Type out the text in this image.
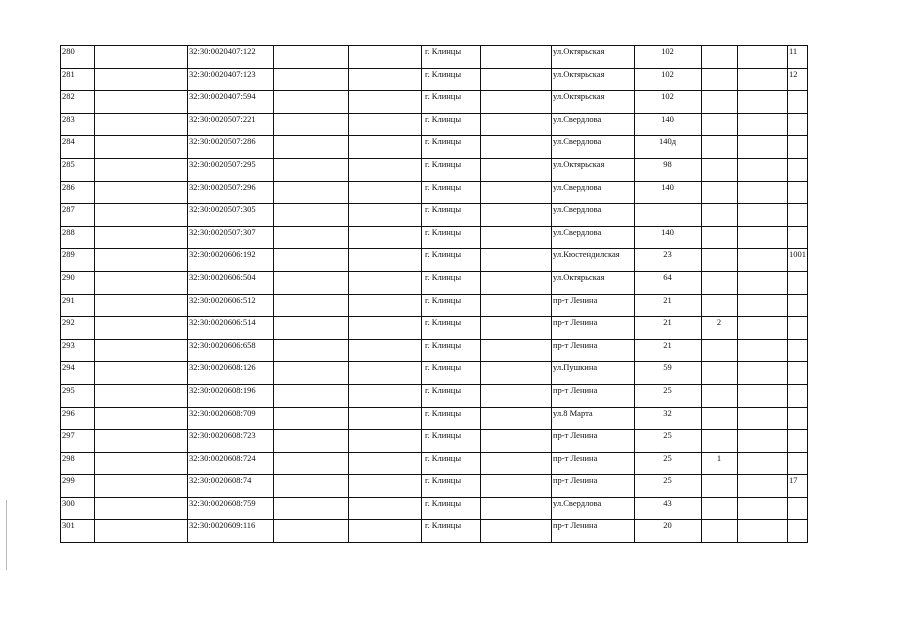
280		32:30:0020407:122			г. Клинцы		ул.Октярьская	102			11
281		32:30:0020407:123			г. Клинцы		ул.Октярьская	102			12
282		32:30:0020407:594			г. Клинцы		ул.Октярьская	102			
283		32:30:0020507:221			г. Клинцы		ул.Свердлова	140			
284		32:30:0020507:286			г. Клинцы		ул.Свердлова	140д			
285		32:30:0020507:295			г. Клинцы		ул.Октярьская	98			
286		32:30:0020507:296			г. Клинцы		ул.Свердлова	140			
287		32:30:0020507:305			г. Клинцы		ул.Свердлова				
288		32:30:0020507:307			г. Клинцы		ул.Свердлова	140			
289		32:30:0020606:192			г. Клинцы		ул.Кюстендилская	23			1001
290		32:30:0020606:504			г. Клинцы		ул.Октярьская	64			
291		32:30:0020606:512			г. Клинцы		пр-т Ленина	21			
292		32:30:0020606:514			г. Клинцы		пр-т Ленина	21	2		
293		32:30:0020606:658			г. Клинцы		пр-т Ленина	21			
294		32:30:0020608:126			г. Клинцы		ул.Пушкина	59			
295		32:30:0020608:196			г. Клинцы		пр-т Ленина	25			
296		32:30:0020608:709			г. Клинцы		ул.8 Марта	32			
297		32:30:0020608:723			г. Клинцы		пр-т Ленина	25			
298		32:30:0020608:724			г. Клинцы		пр-т Ленина	25	1		
299		32:30:0020608:74			г. Клинцы		пр-т Ленина	25			17
300		32:30:0020608:759			г. Клинцы		ул.Свердлова	43			
301		32:30:0020609:116			г. Клинцы		пр-т Ленина	20			
